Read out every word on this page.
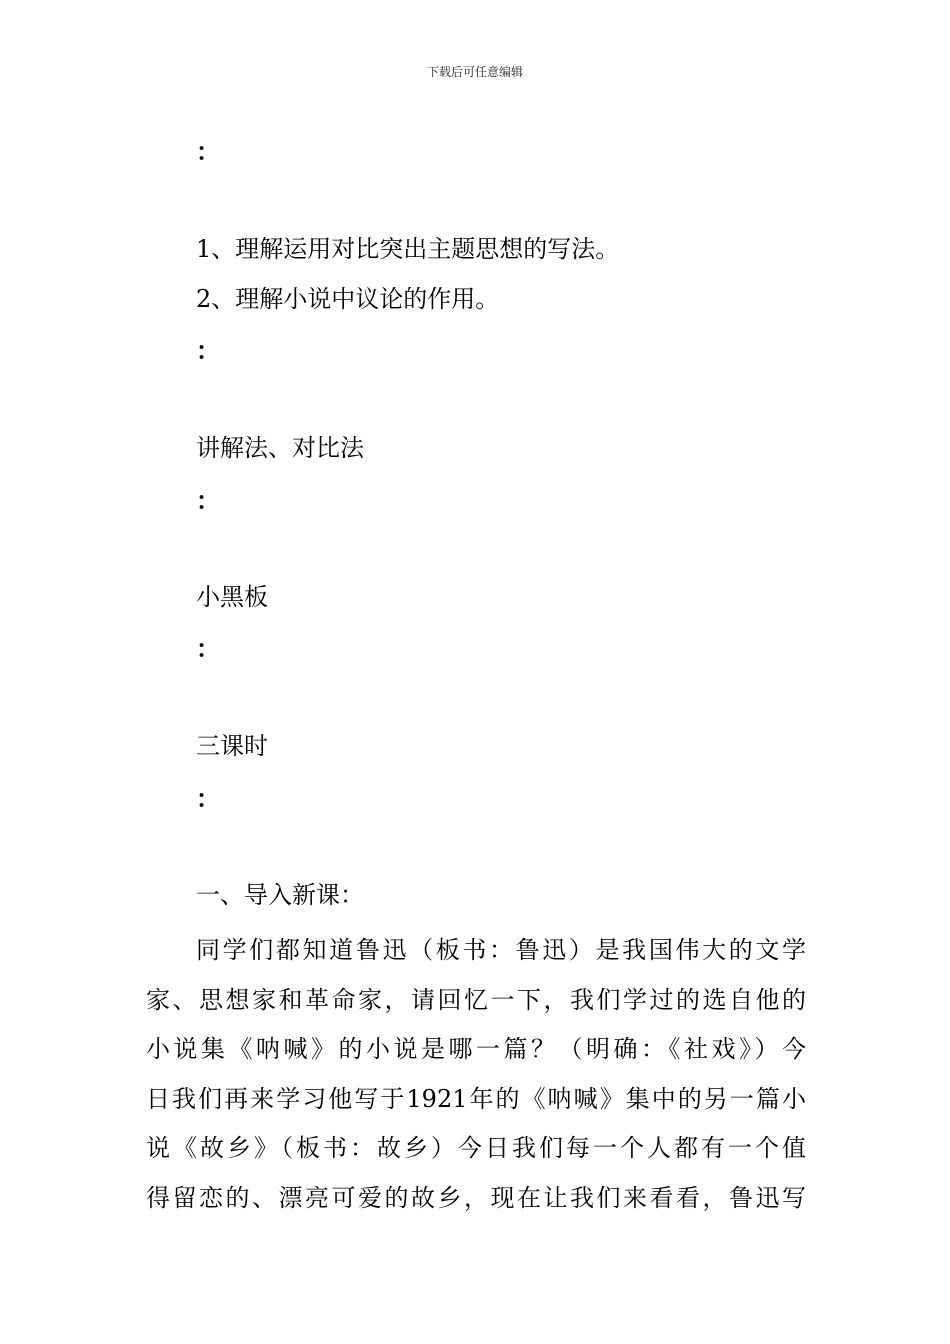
下载后可任意编辑
：
1、理解运用对比突出主题思想的写法。
2、理解小说中议论的作用。
：
讲解法、对比法
：
小黑板
：
三课时
：
一、导入新课：
同学们都知道鲁迅（板书：鲁迅）是我国伟大的文学
家、思想家和革命家，请回忆一下，我们学过的选自他的
小说集《呐喊》的小说是哪一篇？（明确：《社戏》）今
日我们再来学习他写于1921年的《呐喊》集中的另一篇小
说《故乡》（板书：故乡）今日我们每一个人都有一个值
得留恋的、漂亮可爱的故乡，现在让我们来看看，鲁迅写
